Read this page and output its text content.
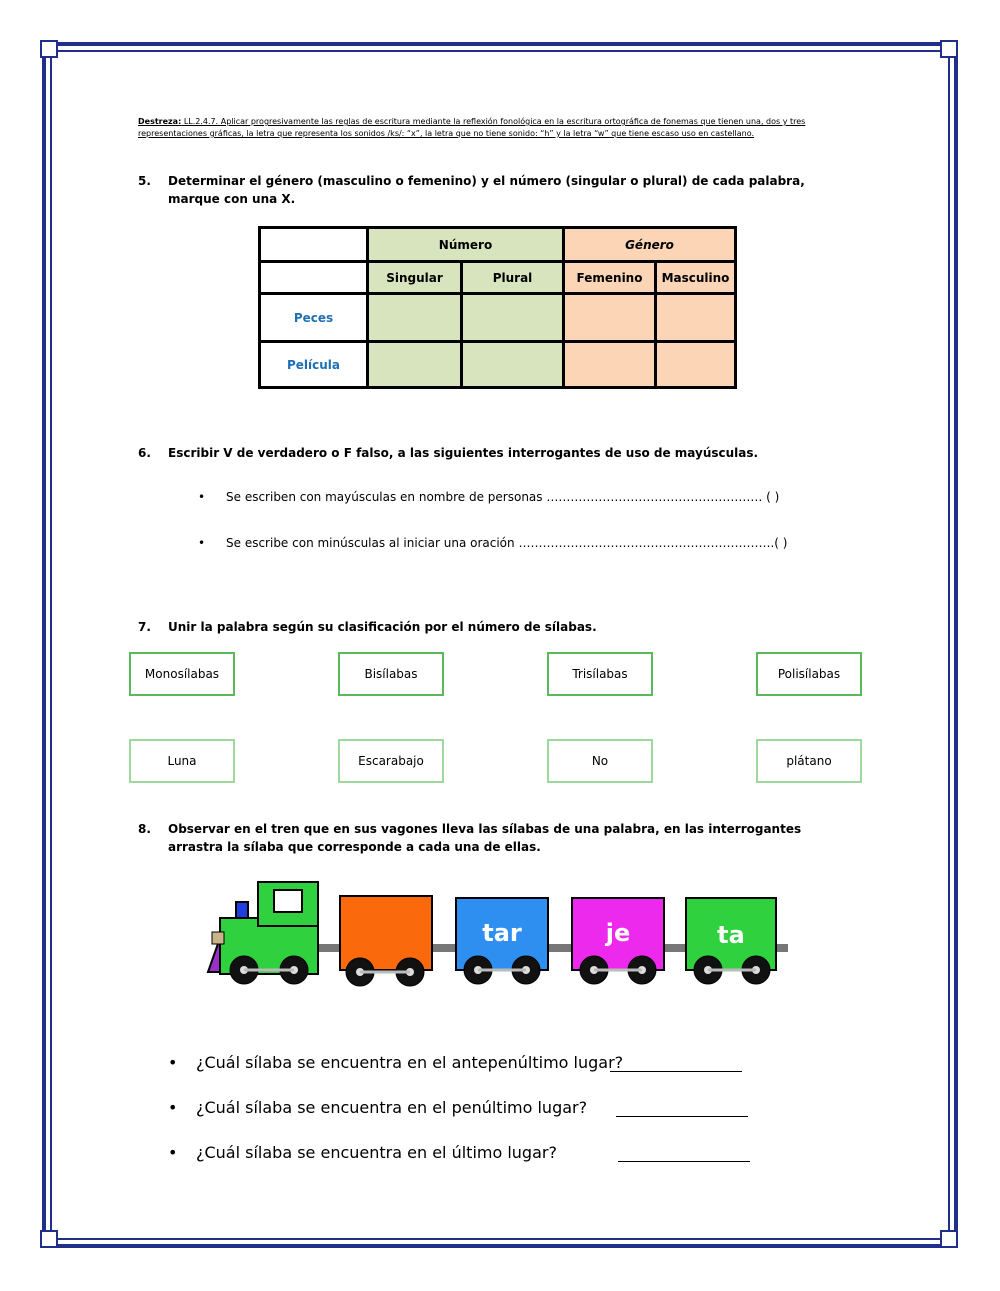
Destreza: LL.2.4.7. Aplicar progresivamente las reglas de escritura mediante la reflexión fonológica en la escritura ortográfica de fonemas que tienen una, dos y tres representaciones gráficas, la letra que representa los sonidos /ks/: “x”, la letra que no tiene sonido: “h” y la letra “w” que tiene escaso uso en castellano.
5. Determinar el género (masculino o femenino) y el número (singular o plural) de cada palabra, marque con una X.
	Número		Género	
	Singular	Plural	Femenino	Masculino
Peces				
Película				
6. Escribir V de verdadero o F falso, a las siguientes interrogantes de uso de mayúsculas.
• Se escriben con mayúsculas en nombre de personas ……………………………………………… ( )
• Se escribe con minúsculas al iniciar una oración ……………………………………………………….( )
7. Unir la palabra según su clasificación por el número de sílabas.
Monosílabas	Bisílabas	Trisílabas	Polisílabas
Luna	Escarabajo	No	plátano
8. Observar en el tren que en sus vagones lleva las sílabas de una palabra, en las interrogantes arrastra la sílaba que corresponde a cada una de ellas.
tar	je	ta
• ¿Cuál sílaba se encuentra en el antepenúltimo lugar?
• ¿Cuál sílaba se encuentra en el penúltimo lugar?
• ¿Cuál sílaba se encuentra en el último lugar?
